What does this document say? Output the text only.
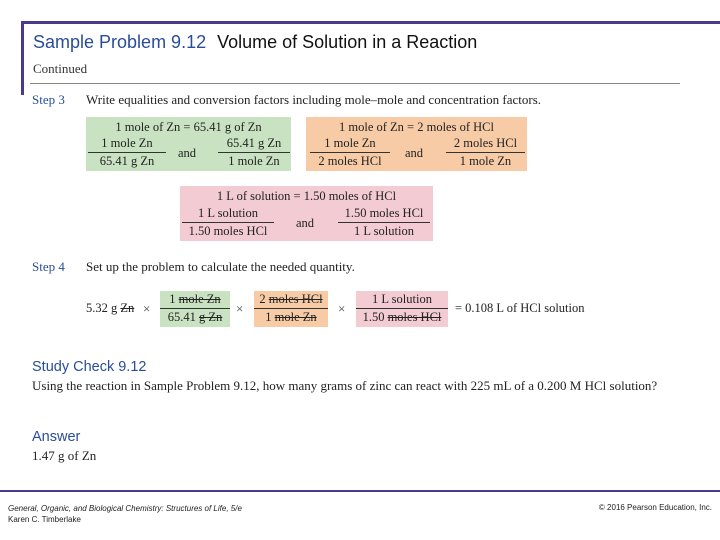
Sample Problem 9.12 Volume of Solution in a Reaction
Continued
Step 3 Write equalities and conversion factors including mole–mole and concentration factors.
1 mole of Zn = 65.41 g of Zn
1 mole Zn
65.41 g Zn
and
65.41 g Zn
1 mole Zn
1 mole of Zn = 2 moles of HCl
1 mole Zn
2 moles HCl
and
2 moles HCl
1 mole Zn
1 L of solution = 1.50 moles of HCl
1 L solution
1.50 moles HCl
and
1.50 moles HCl
1 L solution
Step 4 Set up the problem to calculate the needed quantity.
5.32 g Zn ×
1 mole Zn
65.41 g Zn
×
2 moles HCl
1 mole Zn
×
1 L solution
1.50 moles HCl
= 0.108 L of HCl solution
Study Check 9.12
Using the reaction in Sample Problem 9.12, how many grams of zinc can react with 225 mL of a 0.200 M HCl solution?
Answer
1.47 g of Zn
General, Organic, and Biological Chemistry: Structures of Life, 5/e
Karen C. Timberlake
© 2016 Pearson Education, Inc.
